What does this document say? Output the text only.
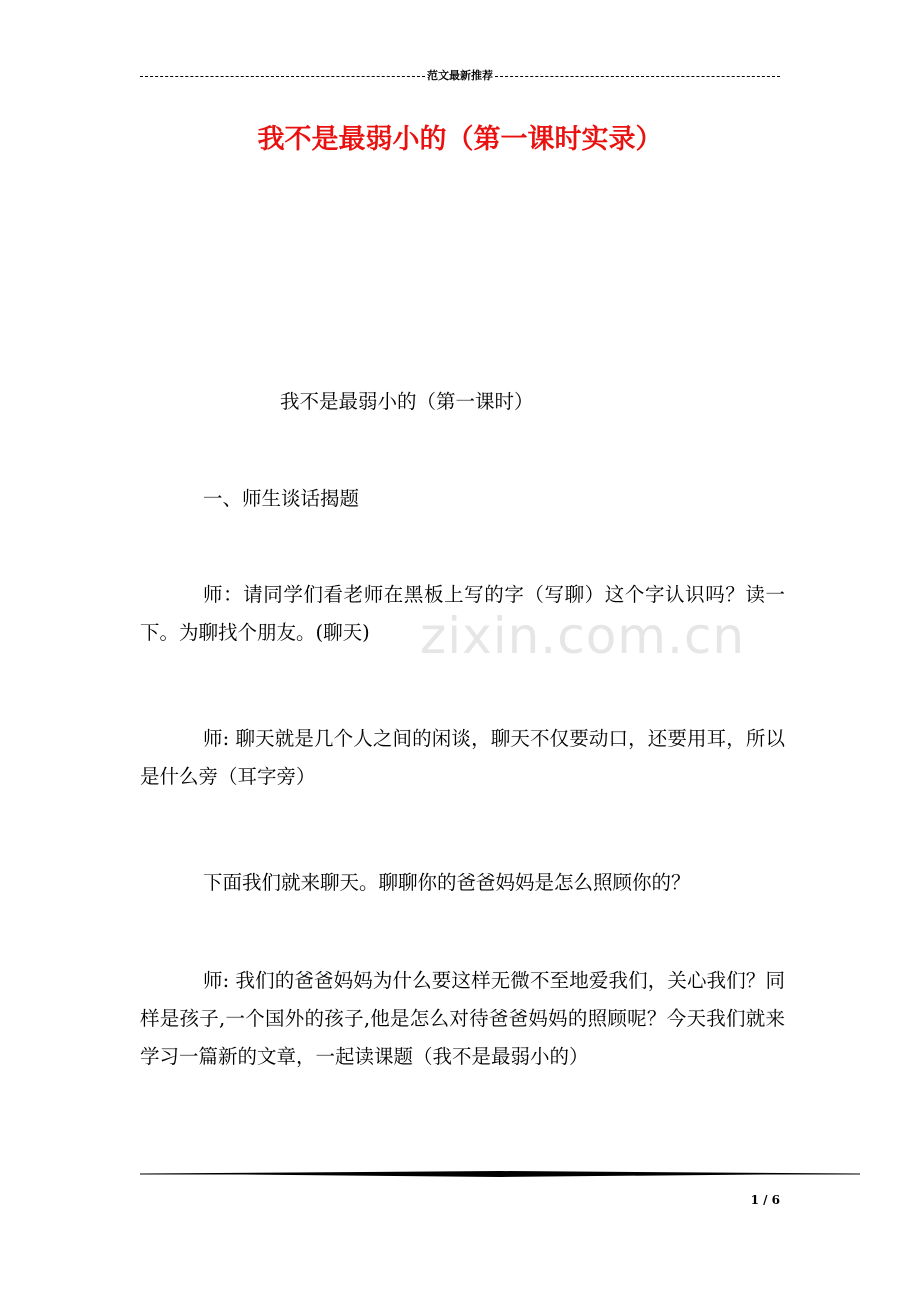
范文最新推荐
我不是最弱小的（第一课时实录）

我不是最弱小的（第一课时）

一、师生谈话揭题

师：请同学们看老师在黑板上写的字（写聊）这个字认识吗？读一下。为聊找个朋友。(聊天)

师: 聊天就是几个人之间的闲谈，聊天不仅要动口，还要用耳，所以是什么旁（耳字旁）

下面我们就来聊天。聊聊你的爸爸妈妈是怎么照顾你的？

师: 我们的爸爸妈妈为什么要这样无微不至地爱我们，关心我们？同样是孩子,一个国外的孩子,他是怎么对待爸爸妈妈的照顾呢？今天我们就来学习一篇新的文章，一起读课题（我不是最弱小的）

zixin.com.cn
1 / 6
